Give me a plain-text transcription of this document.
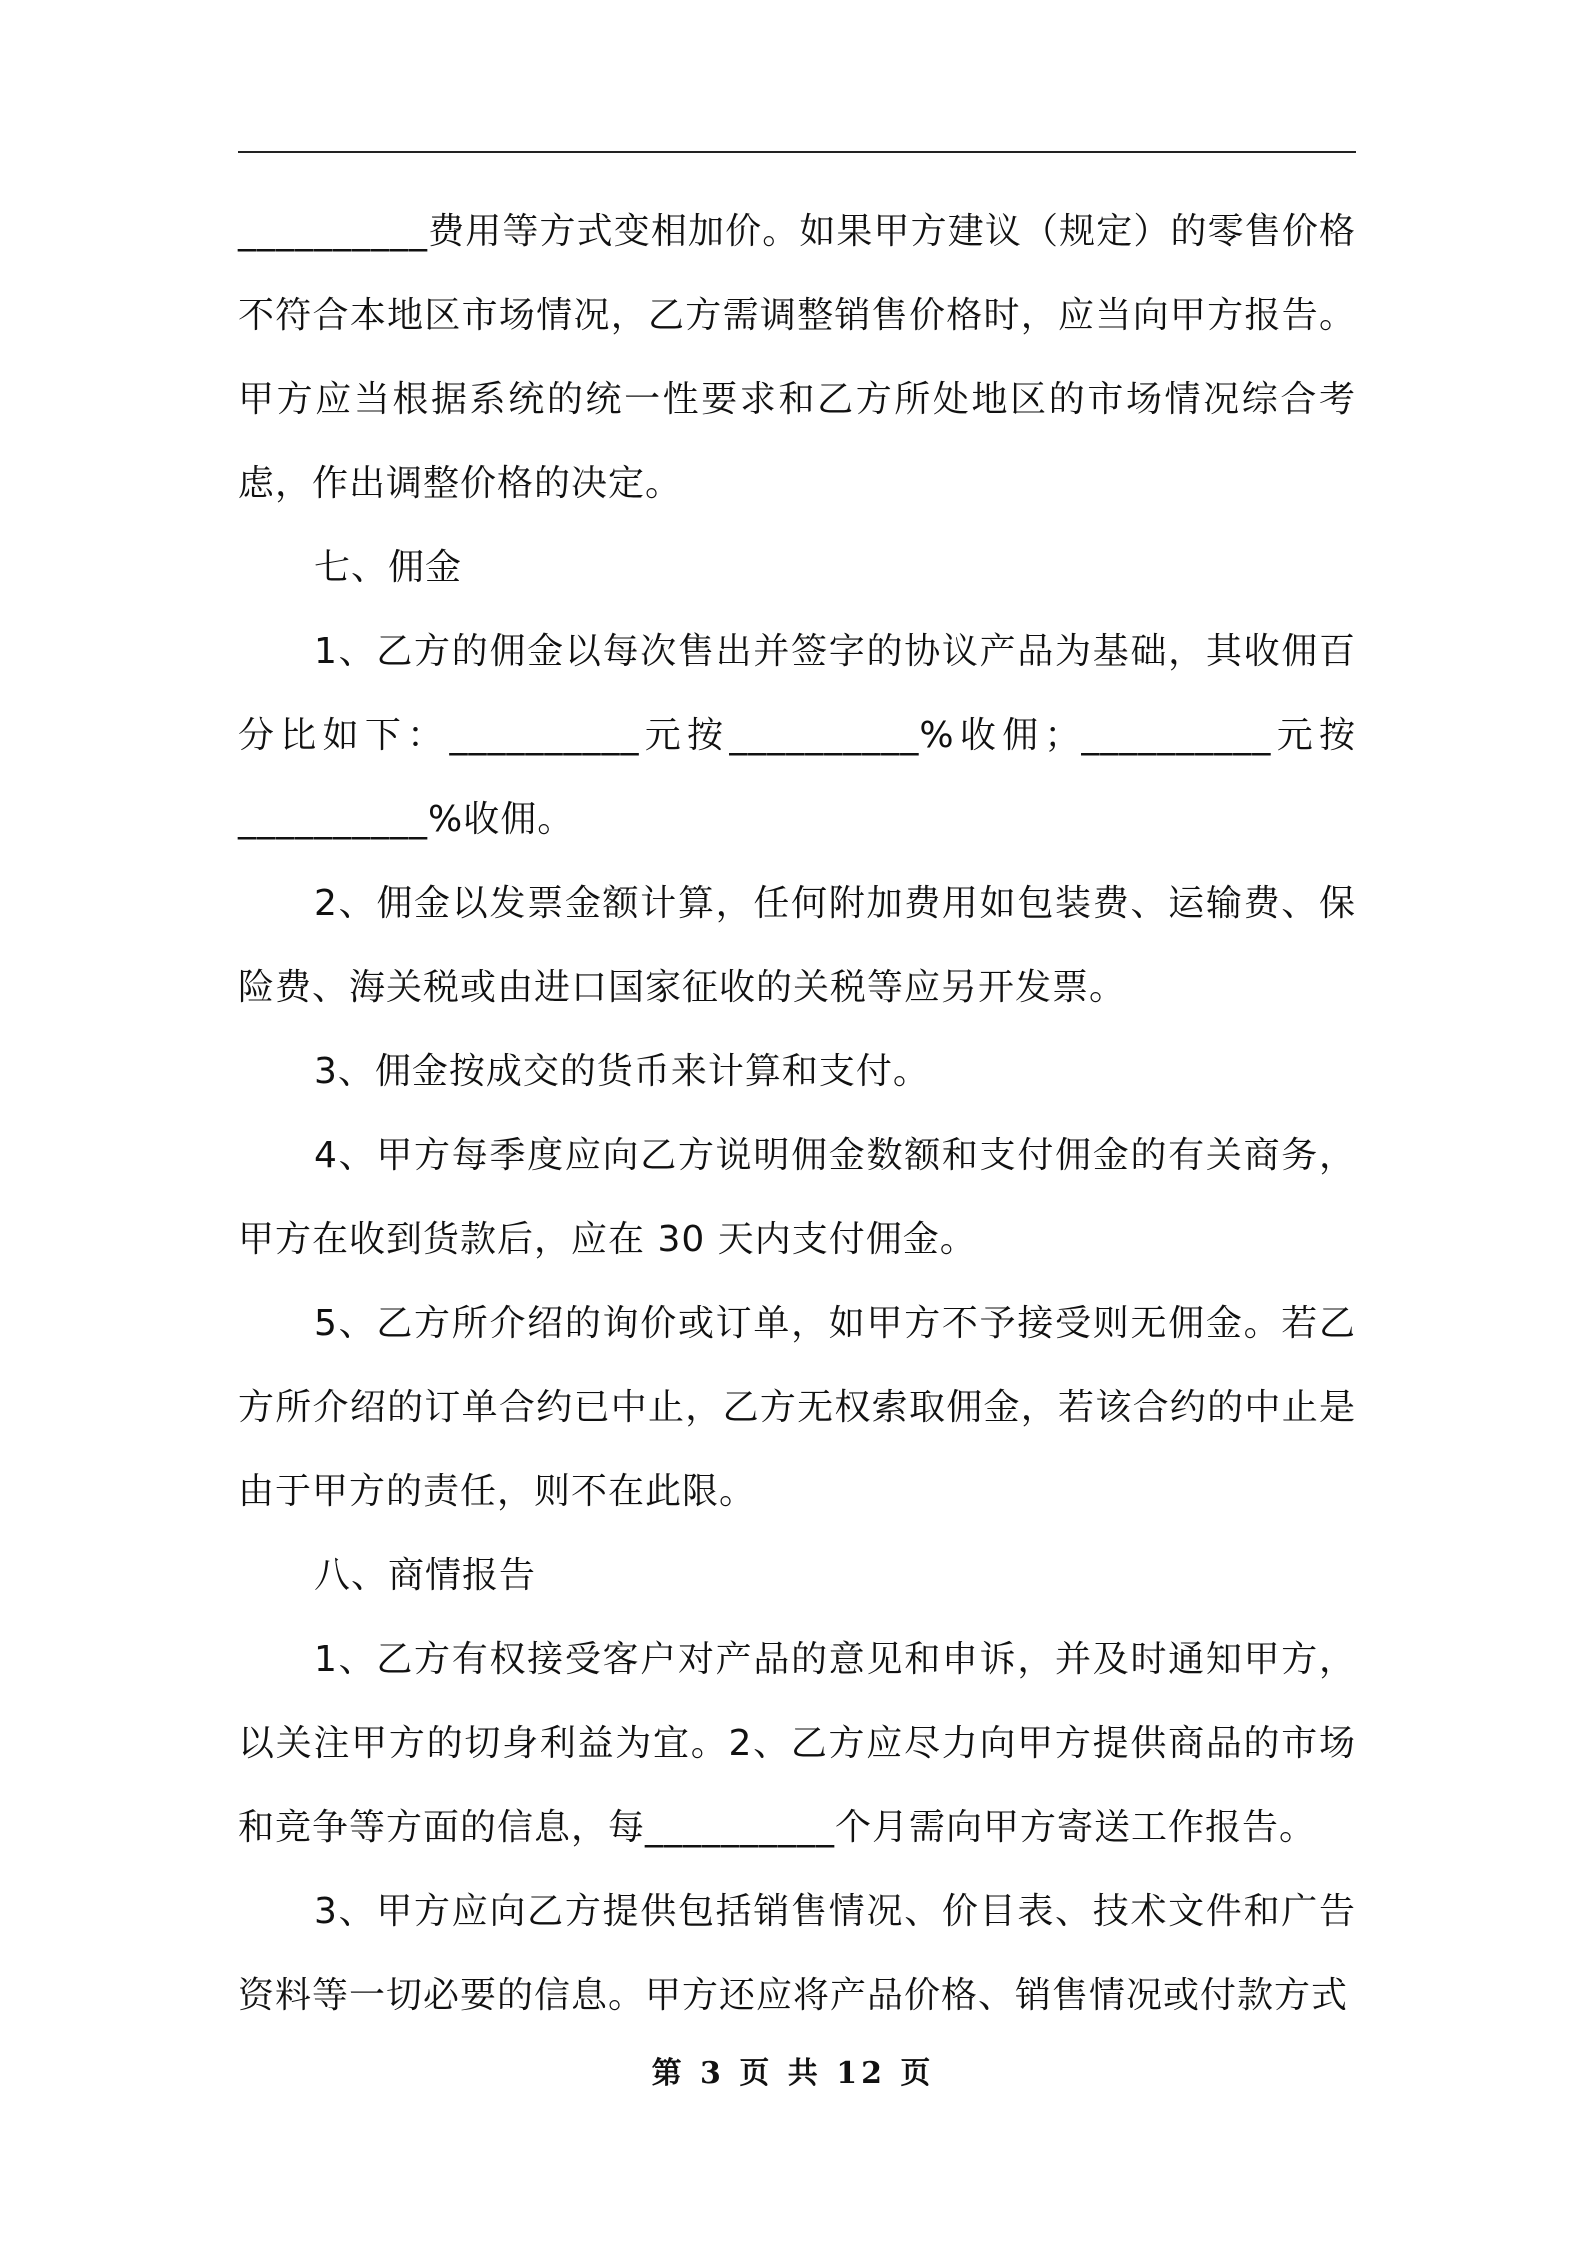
__________费用等方式变相加价。如果甲方建议（规定）的零售价格不符合本地区市场情况，乙方需调整销售价格时，应当向甲方报告。甲方应当根据系统的统一性要求和乙方所处地区的市场情况综合考虑，作出调整价格的决定。

七、佣金

1、乙方的佣金以每次售出并签字的协议产品为基础，其收佣百分比如下：__________元按__________%收佣；__________元按__________%收佣。

2、佣金以发票金额计算，任何附加费用如包装费、运输费、保险费、海关税或由进口国家征收的关税等应另开发票。

3、佣金按成交的货币来计算和支付。

4、甲方每季度应向乙方说明佣金数额和支付佣金的有关商务，甲方在收到货款后，应在 30 天内支付佣金。

5、乙方所介绍的询价或订单，如甲方不予接受则无佣金。若乙方所介绍的订单合约已中止，乙方无权索取佣金，若该合约的中止是由于甲方的责任，则不在此限。

八、商情报告

1、乙方有权接受客户对产品的意见和申诉，并及时通知甲方，以关注甲方的切身利益为宜。2、乙方应尽力向甲方提供商品的市场和竞争等方面的信息，每__________个月需向甲方寄送工作报告。

3、甲方应向乙方提供包括销售情况、价目表、技术文件和广告资料等一切必要的信息。甲方还应将产品价格、销售情况或付款方式

第 3 页 共 12 页
